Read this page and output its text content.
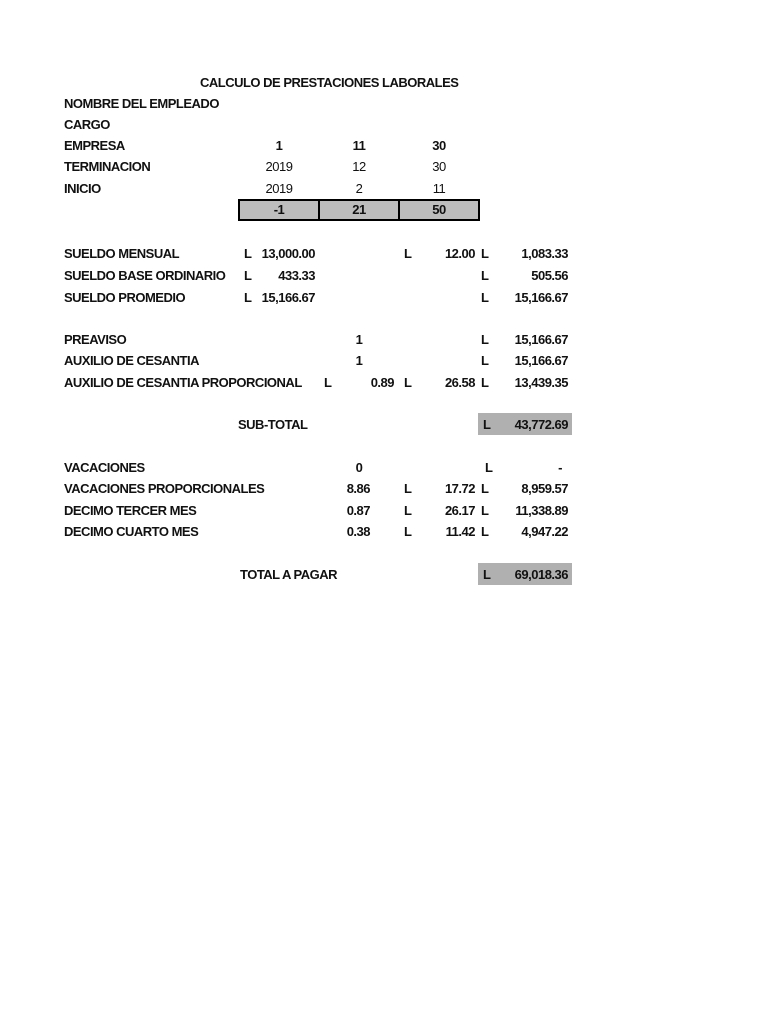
CALCULO DE PRESTACIONES LABORALES
NOMBRE DEL EMPLEADO
CARGO
EMPRESA	1	11	30
TERMINACION	2019	12	30
INICIO	2019	2	11
-1	21	50
SUELDO MENSUAL	L 13,000.00	L	12.00 L	1,083.33
SUELDO BASE ORDINARIO L	433.33	L	505.56
SUELDO PROMEDIO	L 15,166.67	L	15,166.67
PREAVISO	1	L	15,166.67
AUXILIO DE CESANTIA	1	L	15,166.67
AUXILIO DE CESANTIA PROPORCIONAL L	0.89 L	26.58 L	13,439.35
SUB-TOTAL	L	43,772.69
VACACIONES	0	L	-
VACACIONES PROPORCIONALES	8.86	L	17.72 L	8,959.57
DECIMO TERCER MES	0.87	L	26.17 L	11,338.89
DECIMO CUARTO MES	0.38	L	11.42 L	4,947.22
TOTAL A PAGAR	L	69,018.36
